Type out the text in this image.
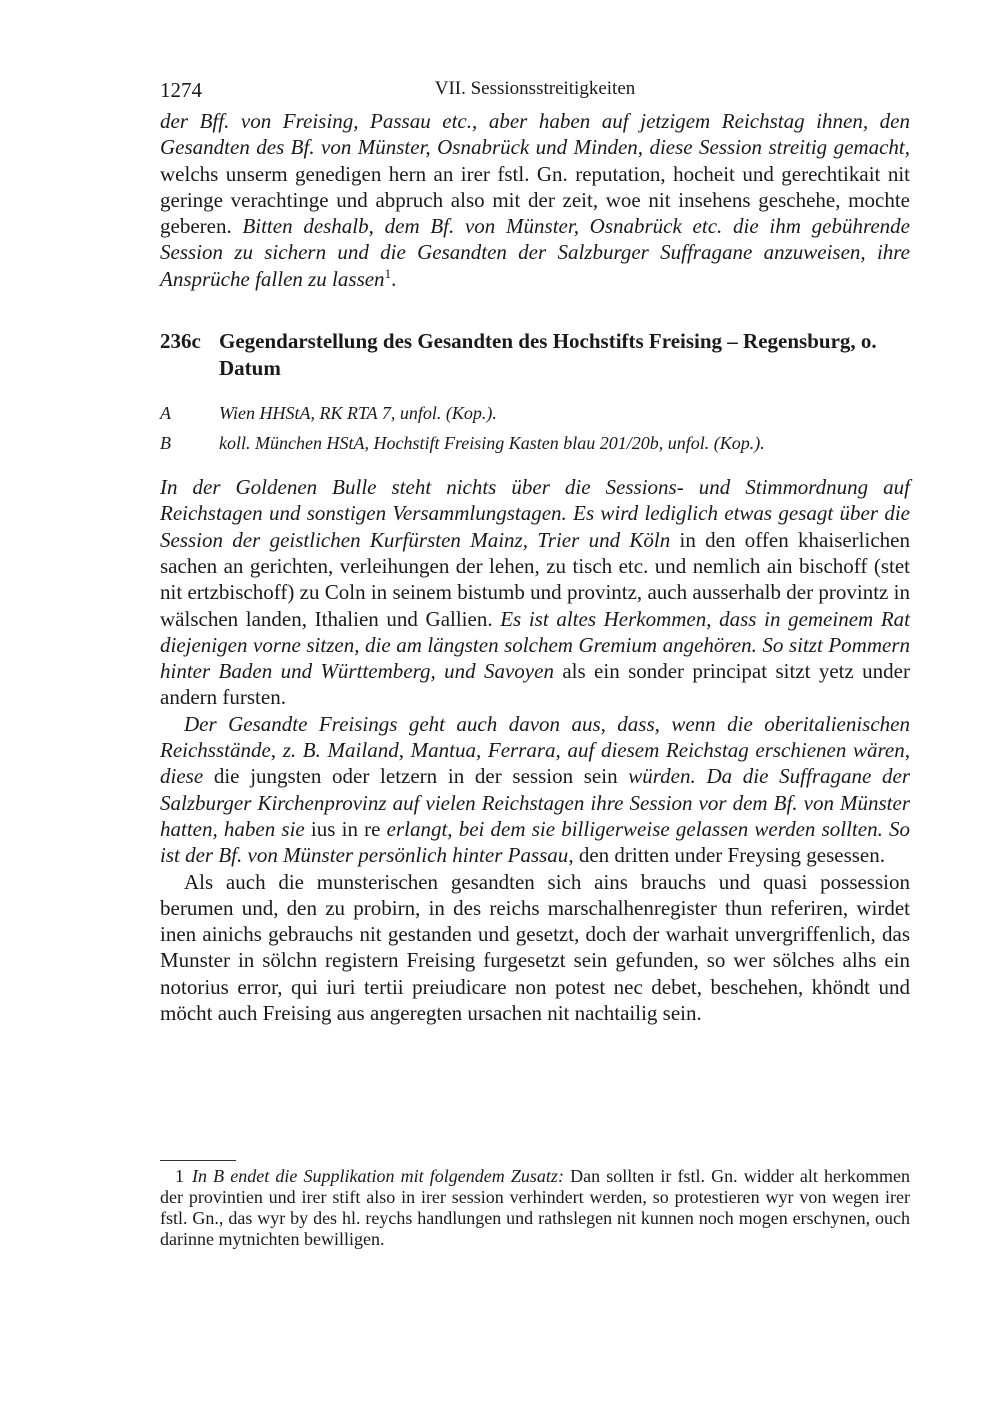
1274	VII. Sessionsstreitigkeiten

der Bff. von Freising, Passau etc., aber haben auf jetzigem Reichstag ihnen, den Gesandten des Bf. von Münster, Osnabrück und Minden, diese Session streitig gemacht, welchs unserm genedigen hern an irer fstl. Gn. reputation, hocheit und gerechtikait nit geringe verachtinge und abpruch also mit der zeit, woe nit insehens geschehe, mochte geberen. Bitten deshalb, dem Bf. von Münster, Osnabrück etc. die ihm gebührende Session zu sichern und die Gesandten der Salzburger Suffragane anzuweisen, ihre Ansprüche fallen zu lassen$^1$.

236c Gegendarstellung des Gesandten des Hochstifts Freising – Regensburg, o. Datum
A	Wien HHStA, RK RTA 7, unfol. (Kop.).
B	koll. München HStA, Hochstift Freising Kasten blau 201/20b, unfol. (Kop.).

In der Goldenen Bulle steht nichts über die Sessions- und Stimmordnung auf Reichstagen und sonstigen Versammlungstagen. Es wird lediglich etwas gesagt über die Session der geistlichen Kurfürsten Mainz, Trier und Köln in den offen khaiserlichen sachen an gerichten, verleihungen der lehen, zu tisch etc. und nemlich ain bischoff (stet nit ertzbischoff) zu Coln in seinem bistumb und provintz, auch ausserhalb der provintz in wälschen landen, Ithalien und Gallien. Es ist altes Herkommen, dass in gemeinem Rat diejenigen vorne sitzen, die am längsten solchem Gremium angehören. So sitzt Pommern hinter Baden und Württemberg, und Savoyen als ein sonder principat sitzt yetz under andern fursten.

Der Gesandte Freisings geht auch davon aus, dass, wenn die oberitalienischen Reichsstände, z. B. Mailand, Mantua, Ferrara, auf diesem Reichstag erschienen wären, diese die jungsten oder letzern in der session sein würden. Da die Suffragane der Salzburger Kirchenprovinz auf vielen Reichstagen ihre Session vor dem Bf. von Münster hatten, haben sie ius in re erlangt, bei dem sie billigerweise gelassen werden sollten. So ist der Bf. von Münster persönlich hinter Passau, den dritten under Freysing gesessen.

Als auch die munsterischen gesandten sich ains brauchs und quasi possession berumen und, den zu probirn, in des reichs marschalhenregister thun referiren, wirdet inen ainichs gebrauchs nit gestanden und gesetzt, doch der warhait unvergriffenlich, das Munster in sölchn registern Freising furgesetzt sein gefunden, so wer sölches alhs ein notorius error, qui iuri tertii preiudicare non potest nec debet, beschehen, khöndt und möcht auch Freising aus angeregten ursachen nit nachtailig sein.

1 In B endet die Supplikation mit folgendem Zusatz: Dan sollten ir fstl. Gn. widder alt herkommen der provintien und irer stift also in irer session verhindert werden, so protestieren wyr von wegen irer fstl. Gn., das wyr by des hl. reychs handlungen und rathslegen nit kunnen noch mogen erschynen, ouch darinne mytnichten bewilligen.
